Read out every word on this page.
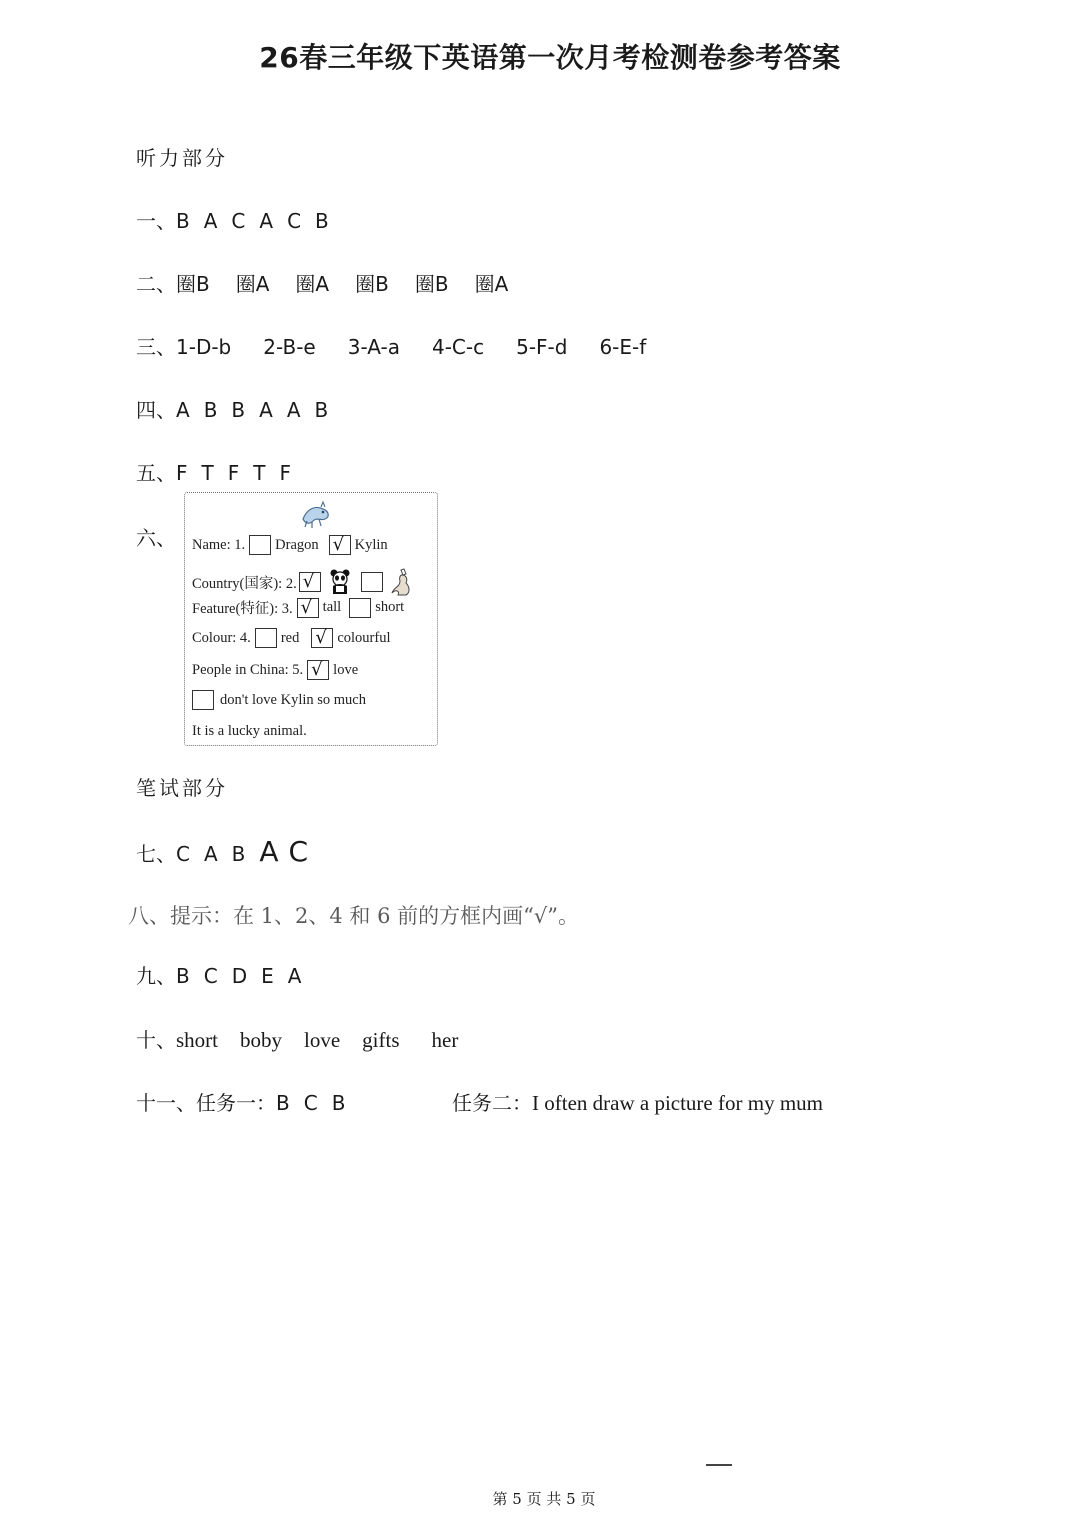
26春三年级下英语第一次月考检测卷参考答案
听力部分
一、B A C A C B
二、圈B 圈A 圈A 圈B 圈B 圈A
三、1-D-b 2-B-e 3-A-a 4-C-c 5-F-d 6-E-f
四、A B B A A B
五、F T F T F
六、 Name: 1. Dragon √ Kylin
Country(国家): 2.
√
Feature(特征): 3. √ tall short
Colour: 4. red √	colourful
People in China: 5. √ love
don't love Kylin so much
It is a lucky animal.
笔试部分
七、C A B A C
八、提示：在 1、2、4 和 6 前的方框内画“√”。
九、B C D E A
十、short boby love gifts her
十一、任务一：B C B	任务二：I often draw a picture for my mum
第 5 页 共 5 页
